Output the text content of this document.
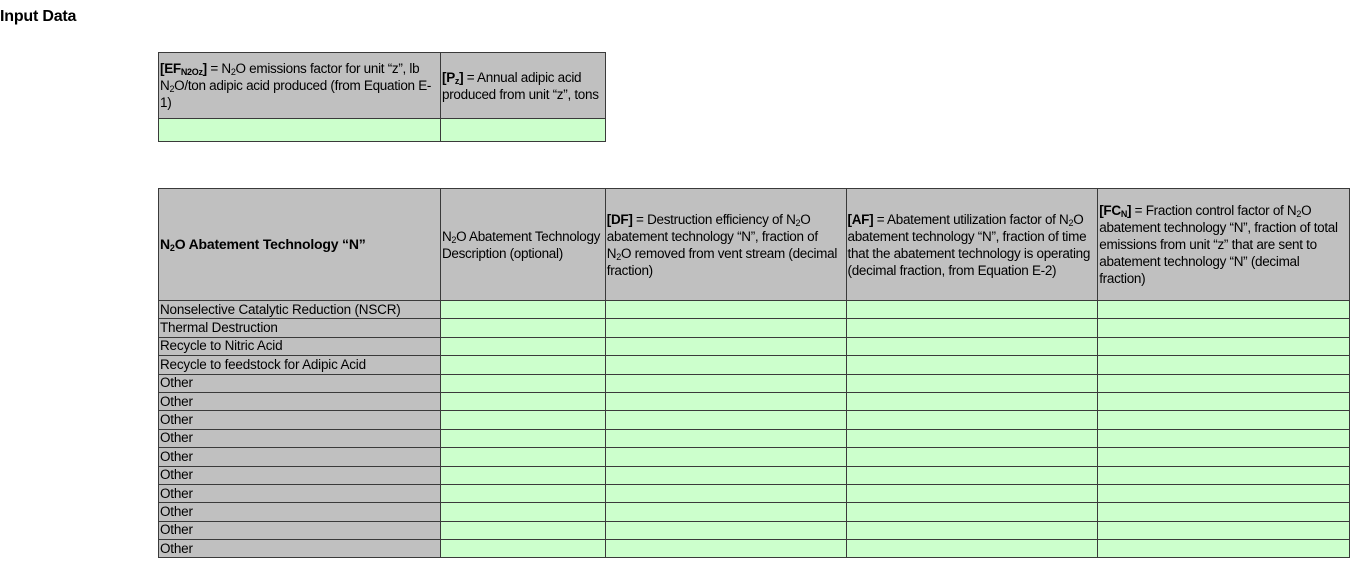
Input Data
$[EF_{N2Oz}] = N_2O$ emissions factor for unit “z”, lb $N_2O$/ton adipic acid produced (from Equation E-1)	$[P_z]$ = Annual adipic acid produced from unit “z”, tons

$N_2O$ Abatement Technology “N”	$N_2O$ Abatement Technology Description (optional)	[DF] = Destruction efficiency of $N_2O$ abatement technology “N”, fraction of $N_2O$ removed from vent stream (decimal fraction)	[AF] = Abatement utilization factor of $N_2O$ abatement technology “N”, fraction of time that the abatement technology is operating (decimal fraction, from Equation E-2)	$[FC_N]$ = Fraction control factor of $N_2O$ abatement technology “N”, fraction of total emissions from unit “z” that are sent to abatement technology “N” (decimal fraction)
Nonselective Catalytic Reduction (NSCR)				
Thermal Destruction				
Recycle to Nitric Acid				
Recycle to feedstock for Adipic Acid				
Other				
Other				
Other				
Other				
Other				
Other				
Other				
Other				
Other				
Other				
